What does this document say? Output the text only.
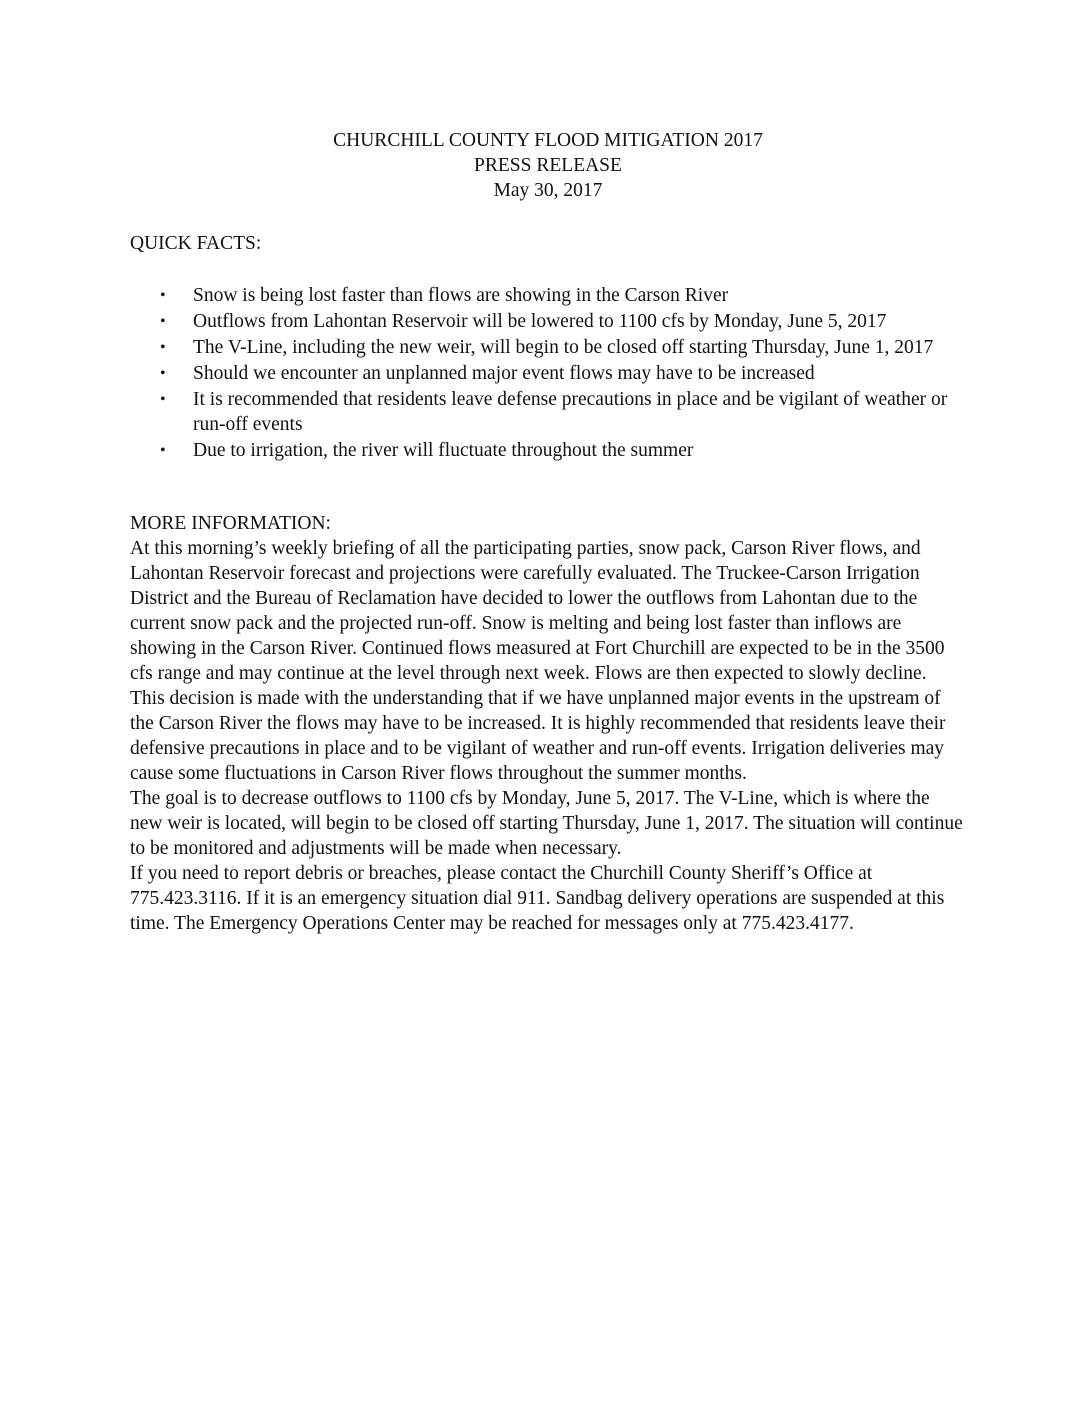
CHURCHILL COUNTY FLOOD MITIGATION 2017
PRESS RELEASE
May 30, 2017
QUICK FACTS:
• Snow is being lost faster than flows are showing in the Carson River
• Outflows from Lahontan Reservoir will be lowered to 1100 cfs by Monday, June 5, 2017
• The V-Line, including the new weir, will begin to be closed off starting Thursday, June 1, 2017
• Should we encounter an unplanned major event flows may have to be increased
• It is recommended that residents leave defense precautions in place and be vigilant of weather or run-off events
• Due to irrigation, the river will fluctuate throughout the summer
MORE INFORMATION:

At this morning’s weekly briefing of all the participating parties, snow pack, Carson River flows, and Lahontan Reservoir forecast and projections were carefully evaluated. The Truckee-Carson Irrigation District and the Bureau of Reclamation have decided to lower the outflows from Lahontan due to the current snow pack and the projected run-off. Snow is melting and being lost faster than inflows are showing in the Carson River. Continued flows measured at Fort Churchill are expected to be in the 3500 cfs range and may continue at the level through next week. Flows are then expected to slowly decline.

This decision is made with the understanding that if we have unplanned major events in the upstream of the Carson River the flows may have to be increased. It is highly recommended that residents leave their defensive precautions in place and to be vigilant of weather and run-off events. Irrigation deliveries may cause some fluctuations in Carson River flows throughout the summer months.

The goal is to decrease outflows to 1100 cfs by Monday, June 5, 2017. The V-Line, which is where the new weir is located, will begin to be closed off starting Thursday, June 1, 2017. The situation will continue to be monitored and adjustments will be made when necessary.

If you need to report debris or breaches, please contact the Churchill County Sheriff’s Office at 775.423.3116. If it is an emergency situation dial 911. Sandbag delivery operations are suspended at this time. The Emergency Operations Center may be reached for messages only at 775.423.4177.
